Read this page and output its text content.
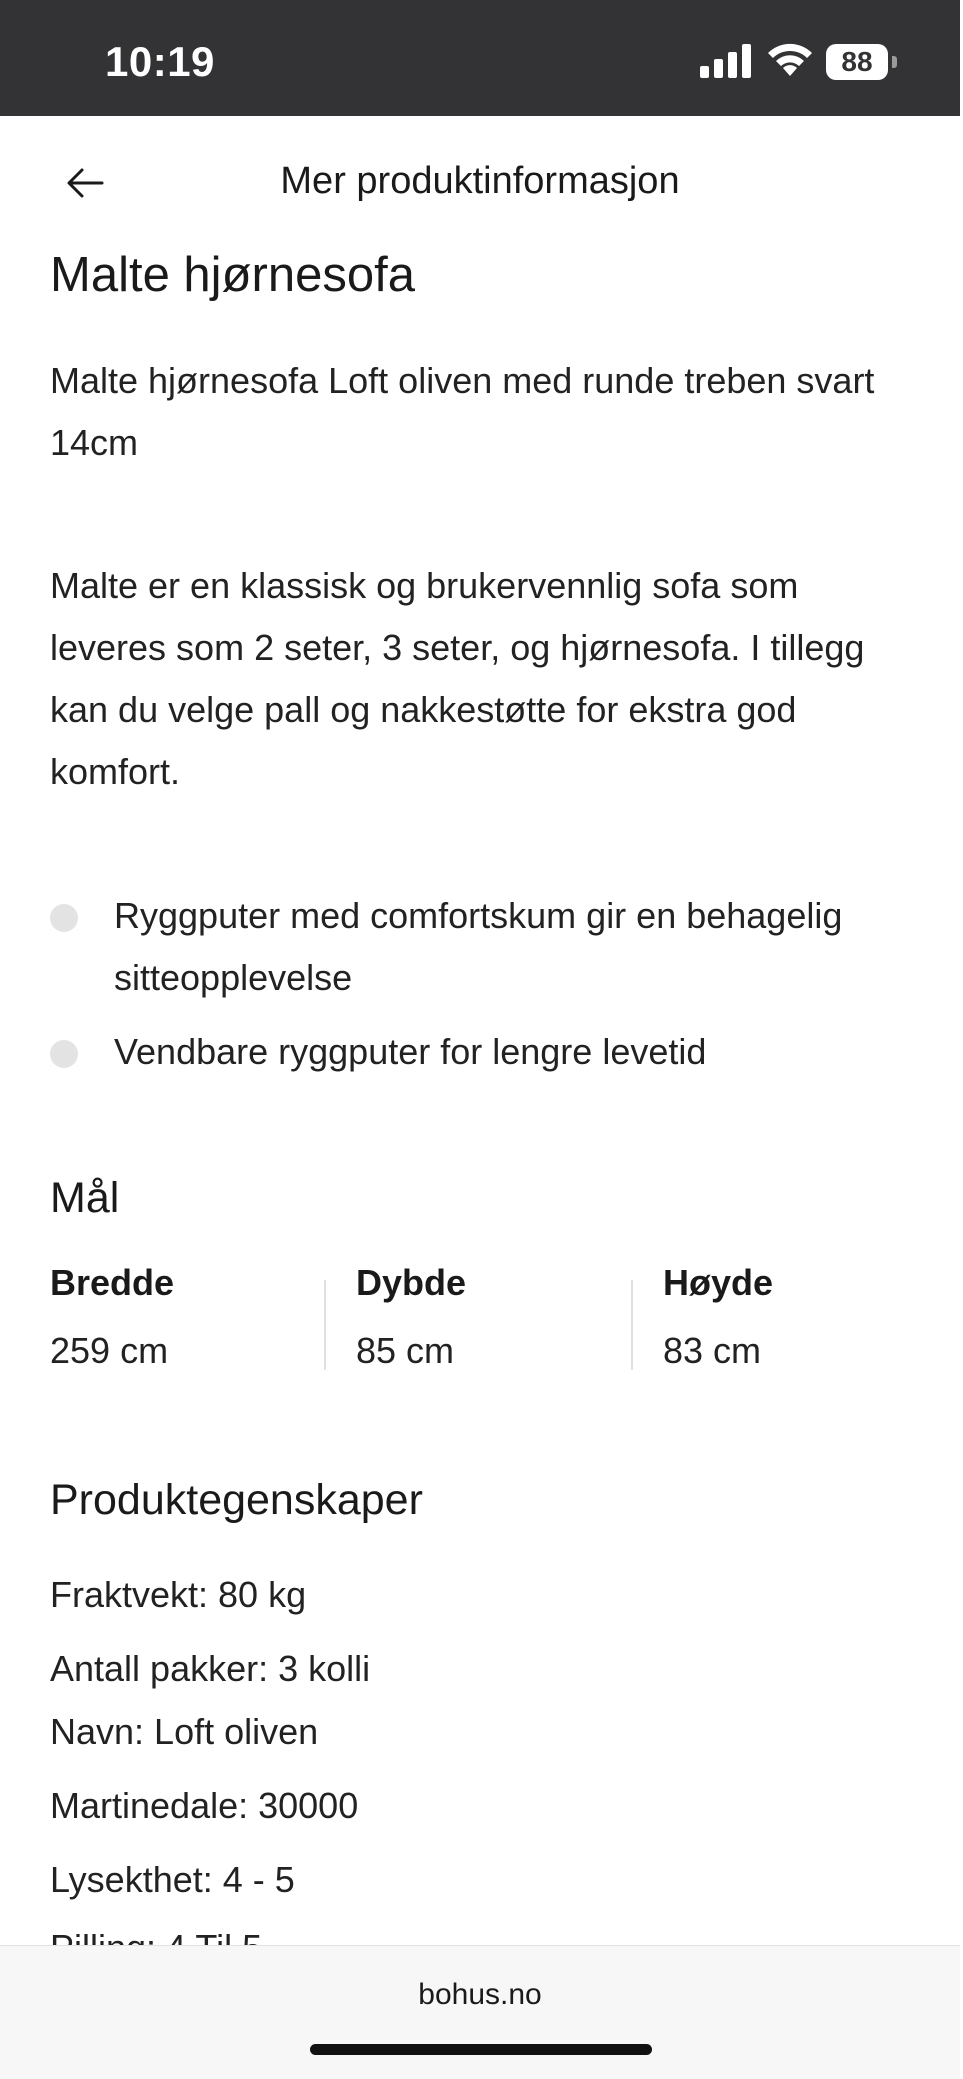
10:19	88
Mer produktinformasjon
Malte hjørnesofa

Malte hjørnesofa Loft oliven med runde treben svart 14cm

Malte er en klassisk og brukervennlig sofa som leveres som 2 seter, 3 seter, og hjørnesofa. I tillegg kan du velge pall og nakkestøtte for ekstra god komfort.

Ryggputer med comfortskum gir en behagelig sitteopplevelse
Vendbare ryggputer for lengre levetid
Mål
Bredde
259 cm
Dybde
85 cm
Høyde
83 cm
Produktegenskaper
Fraktvekt: 80 kg
Antall pakker: 3 kolli
Navn: Loft oliven
Martinedale: 30000
Lysekthet: 4 - 5
bohus.no
